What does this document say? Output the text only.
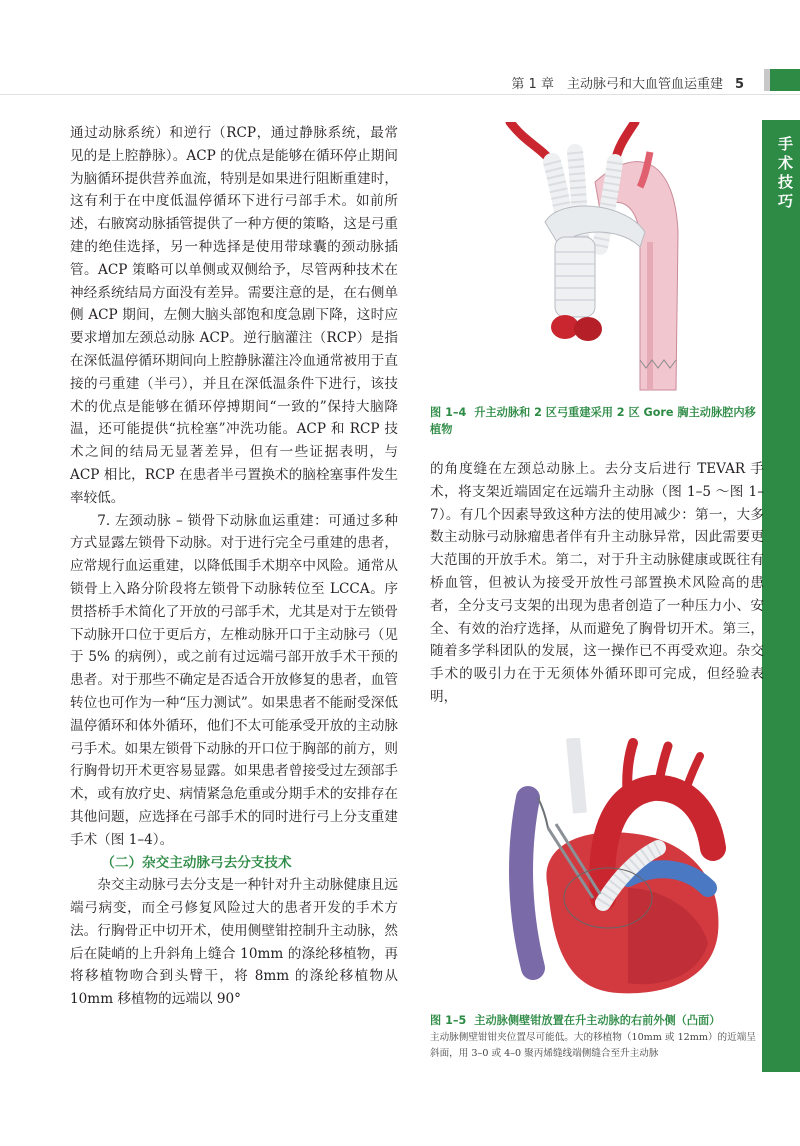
第 1 章　主动脉弓和大血管血运重建 5
手术技巧

通过动脉系统）和逆行（RCP，通过静脉系统，最常见的是上腔静脉）。ACP 的优点是能够在循环停止期间为脑循环提供营养血流，特别是如果进行阻断重建时，这有利于在中度低温停循环下进行弓部手术。如前所述，右腋窝动脉插管提供了一种方便的策略，这是弓重建的绝佳选择，另一种选择是使用带球囊的颈动脉插管。ACP 策略可以单侧或双侧给予，尽管两种技术在神经系统结局方面没有差异。需要注意的是，在右侧单侧 ACP 期间，左侧大脑头部饱和度急剧下降，这时应要求增加左颈总动脉 ACP。逆行脑灌注（RCP）是指在深低温停循环期间向上腔静脉灌注冷血通常被用于直接的弓重建（半弓），并且在深低温条件下进行，该技术的优点是能够在循环停搏期间“一致的”保持大脑降温，还可能提供“抗栓塞”冲洗功能。ACP 和 RCP 技术之间的结局无显著差异，但有一些证据表明，与 ACP 相比，RCP 在患者半弓置换术的脑栓塞事件发生率较低。

7. 左颈动脉 – 锁骨下动脉血运重建：可通过多种方式显露左锁骨下动脉。对于进行完全弓重建的患者，应常规行血运重建，以降低围手术期卒中风险。通常从锁骨上入路分阶段将左锁骨下动脉转位至 LCCA。序贯搭桥手术简化了开放的弓部手术，尤其是对于左锁骨下动脉开口位于更后方，左椎动脉开口于主动脉弓（见于 5% 的病例），或之前有过远端弓部开放手术干预的患者。对于那些不确定是否适合开放修复的患者，血管转位也可作为一种“压力测试”。如果患者不能耐受深低温停循环和体外循环，他们不太可能承受开放的主动脉弓手术。如果左锁骨下动脉的开口位于胸部的前方，则行胸骨切开术更容易显露。如果患者曾接受过左颈部手术，或有放疗史、病情紧急危重或分期手术的安排存在其他问题，应选择在弓部手术的同时进行弓上分支重建手术（图 1–4）。

（二）杂交主动脉弓去分支技术

杂交主动脉弓去分支是一种针对升主动脉健康且远端弓病变，而全弓修复风险过大的患者开发的手术方法。行胸骨正中切开术，使用侧壁钳控制升主动脉，然后在陡峭的上升斜角上缝合 10mm 的涤纶移植物，再将移植物吻合到头臂干，将 8mm 的涤纶移植物从 10mm 移植物的远端以 90°

图 1–4 升主动脉和 2 区弓重建采用 2 区 Gore 胸主动脉腔内移植物

的角度缝在左颈总动脉上。去分支后进行 TEVAR 手术，将支架近端固定在远端升主动脉（图 1–5 ～图 1–7）。有几个因素导致这种方法的使用减少：第一，大多数主动脉弓动脉瘤患者伴有升主动脉异常，因此需要更大范围的开放手术。第二，对于升主动脉健康或既往有桥血管，但被认为接受开放性弓部置换术风险高的患者，全分支弓支架的出现为患者创造了一种压力小、安全、有效的治疗选择，从而避免了胸骨切开术。第三，随着多学科团队的发展，这一操作已不再受欢迎。杂交手术的吸引力在于无须体外循环即可完成，但经验表明，

图 1–5 主动脉侧壁钳放置在升主动脉的右前外侧（凸面）
主动脉侧壁钳钳夹位置尽可能低。大的移植物（10mm 或 12mm）的近端呈斜面，用 3–0 或 4–0 聚丙烯缝线端侧缝合至升主动脉
